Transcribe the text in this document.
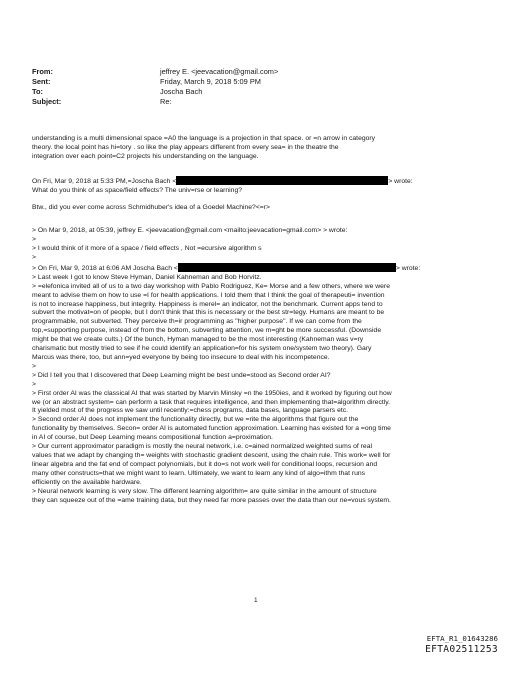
From:	jeffrey E. <jeevacation@gmail.com>
Sent:	Friday, March 9, 2018 5:09 PM
To:	Joscha Bach
Subject:	Re:

understanding is a multi dimensional space =A0 the language is a projection in that space. or =n arrow in category

theory. the local point has hi=tory . so like the play appears different from every sea= in the theatre the

integration over each point=C2 projects his understanding on the language.

On Fri, Mar 9, 2018 at 5:33 PM,=Joscha Bach <	> wrote:

What do you think of as space/field effects? The univ=rse or learning?

Btw., did you ever come across Schmidhuber's idea of a Goedel Machine?<=r>

> On Mar 9, 2018, at 05:39, jeffrey E. <jeevacation@gmail.com <mailto:jeevacation=gmail.com> > wrote:

>

> I would think of it more of a space / field effects , Not =ecursive algorithm s

>

> On Fri, Mar 9, 2018 at 6:06 AM Joscha Bach <	> wrote:

> Last week I got to know Steve Hyman, Daniel Kahneman and Bob Horvitz.

> =elefonica invited all of us to a two day workshop with Pablo Rodriguez, Ke= Morse and a few others, where we were

meant to advise them on how to use =I for health applications. I told them that I think the goal of therapeuti= invention

is not to increase happiness, but integrity. Happiness is merel= an indicator, not the benchmark. Current apps tend to

subvert the motivat=on of people, but I don't think that this is necessary or the best str=tegy. Humans are meant to be

programmable, not subverted. They perceive th=ir programming as "higher purpose". If we can come from the

top,=supporting purpose, instead of from the bottom, subverting attention, we m=ght be more successful. (Downside

might be that we create cults.) Of the bunch, Hyman managed to be the most interesting (Kahneman was v=ry

charismatic but mostly tried to see if he could identify an application=for his system one/system two theory). Gary

Marcus was there, too, but ann=yed everyone by being too insecure to deal with his incompetence.

>

> Did I tell you that I discovered that Deep Learning might be best unde=stood as Second order AI?

>

> First order AI was the classical AI that was started by Marvin Minsky =n the 1950ies, and it worked by figuring out how

we (or an abstract system= can perform a task that requires intelligence, and then implementing that=algorithm directly.

It yielded most of the progress we saw until recently:=chess programs, data bases, language parsers etc.

> Second order AI does not implement the functionality directly, but we =rite the algorithms that figure out the

functionality by themselves. Secon= order AI is automated function approximation. Learning has existed for a =ong time

in AI of course, but Deep Learning means compositional function a=proximation.

> Our current approximator paradigm is mostly the neural network, i.e. c=ained normalized weighted sums of real

values that we adapt by changing th= weights with stochastic gradient descent, using the chain rule. This work= well for

linear algebra and the fat end of compact polynomials, but it do=s not work well for conditional loops, recursion and

many other constructs=that we might want to learn. Ultimately, we want to learn any kind of algo=ithm that runs

efficiently on the available hardware.

> Neural network learning is very slow. The different learning algorithm= are quite similar in the amount of structure

they can squeeze out of the =ame training data, but they need far more passes over the data than our ne=vous system.

1
EFTA_R1_01643286
EFTA02511253
